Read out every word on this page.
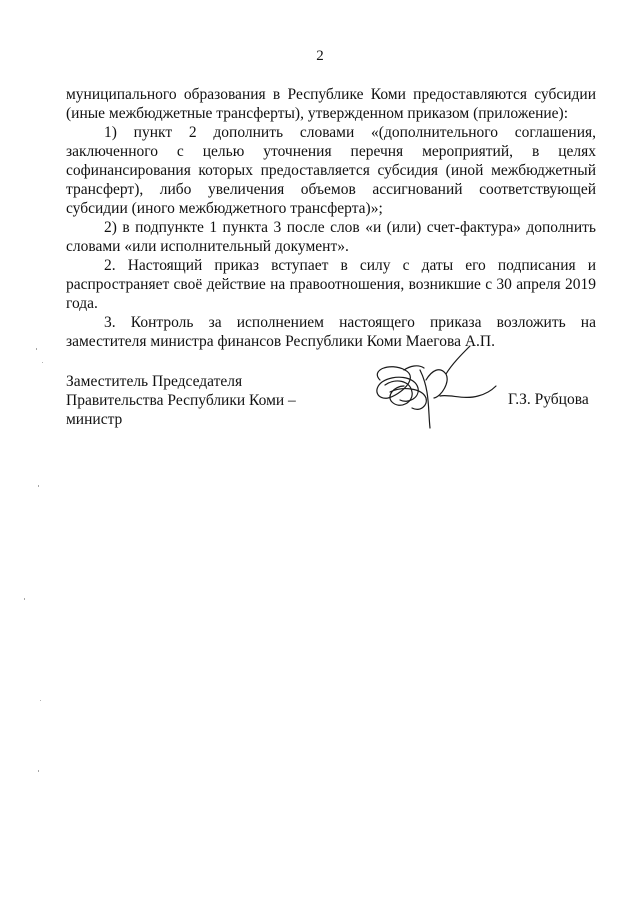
2

муниципального образования в Республике Коми предоставляются субсидии (иные межбюджетные трансферты), утвержденном приказом (приложение):

1) пункт 2 дополнить словами «(дополнительного соглашения, заключенного с целью уточнения перечня мероприятий, в целях софинансирования которых предоставляется субсидия (иной межбюджетный трансферт), либо увеличения объемов ассигнований соответствующей субсидии (иного межбюджетного трансферта)»;

2) в подпункте 1 пункта 3 после слов «и (или) счет-фактура» дополнить словами «или исполнительный документ».

2. Настоящий приказ вступает в силу с даты его подписания и распространяет своё действие на правоотношения, возникшие с 30 апреля 2019 года.

3. Контроль за исполнением настоящего приказа возложить на заместителя министра финансов Республики Коми Маегова А.П.

Заместитель Председателя
Правительства Республики Коми –
министр
Г.З. Рубцова
